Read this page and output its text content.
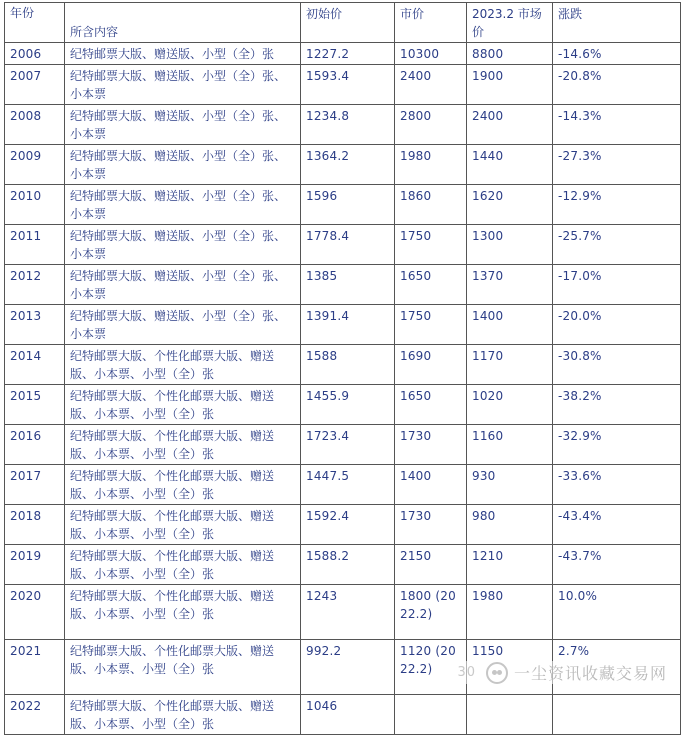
年份	所含内容	初始价	市价	2023.2 市场价	涨跌
2006	纪特邮票大版、赠送版、小型（全）张	1227.2	10300	8800	-14.6%
2007	纪特邮票大版、赠送版、小型（全）张、小本票	1593.4	2400	1900	-20.8%
2008	纪特邮票大版、赠送版、小型（全）张、小本票	1234.8	2800	2400	-14.3%
2009	纪特邮票大版、赠送版、小型（全）张、小本票	1364.2	1980	1440	-27.3%
2010	纪特邮票大版、赠送版、小型（全）张、小本票	1596	1860	1620	-12.9%
2011	纪特邮票大版、赠送版、小型（全）张、小本票	1778.4	1750	1300	-25.7%
2012	纪特邮票大版、赠送版、小型（全）张、小本票	1385	1650	1370	-17.0%
2013	纪特邮票大版、赠送版、小型（全）张、小本票	1391.4	1750	1400	-20.0%
2014	纪特邮票大版、个性化邮票大版、赠送版、小本票、小型（全）张	1588	1690	1170	-30.8%
2015	纪特邮票大版、个性化邮票大版、赠送版、小本票、小型（全）张	1455.9	1650	1020	-38.2%
2016	纪特邮票大版、个性化邮票大版、赠送版、小本票、小型（全）张	1723.4	1730	1160	-32.9%
2017	纪特邮票大版、个性化邮票大版、赠送版、小本票、小型（全）张	1447.5	1400	930	-33.6%
2018	纪特邮票大版、个性化邮票大版、赠送版、小本票、小型（全）张	1592.4	1730	980	-43.4%
2019	纪特邮票大版、个性化邮票大版、赠送版、小本票、小型（全）张	1588.2	2150	1210	-43.7%
2020	纪特邮票大版、个性化邮票大版、赠送版、小本票、小型（全）张	1243	1800 (2022.2)	1980	10.0%
2021	纪特邮票大版、个性化邮票大版、赠送版、小本票、小型（全）张	992.2	1120 (2022.2)	1150	2.7%
2022	纪特邮票大版、个性化邮票大版、赠送版、小本票、小型（全）张	1046			
30 一尘资讯收藏交易网
